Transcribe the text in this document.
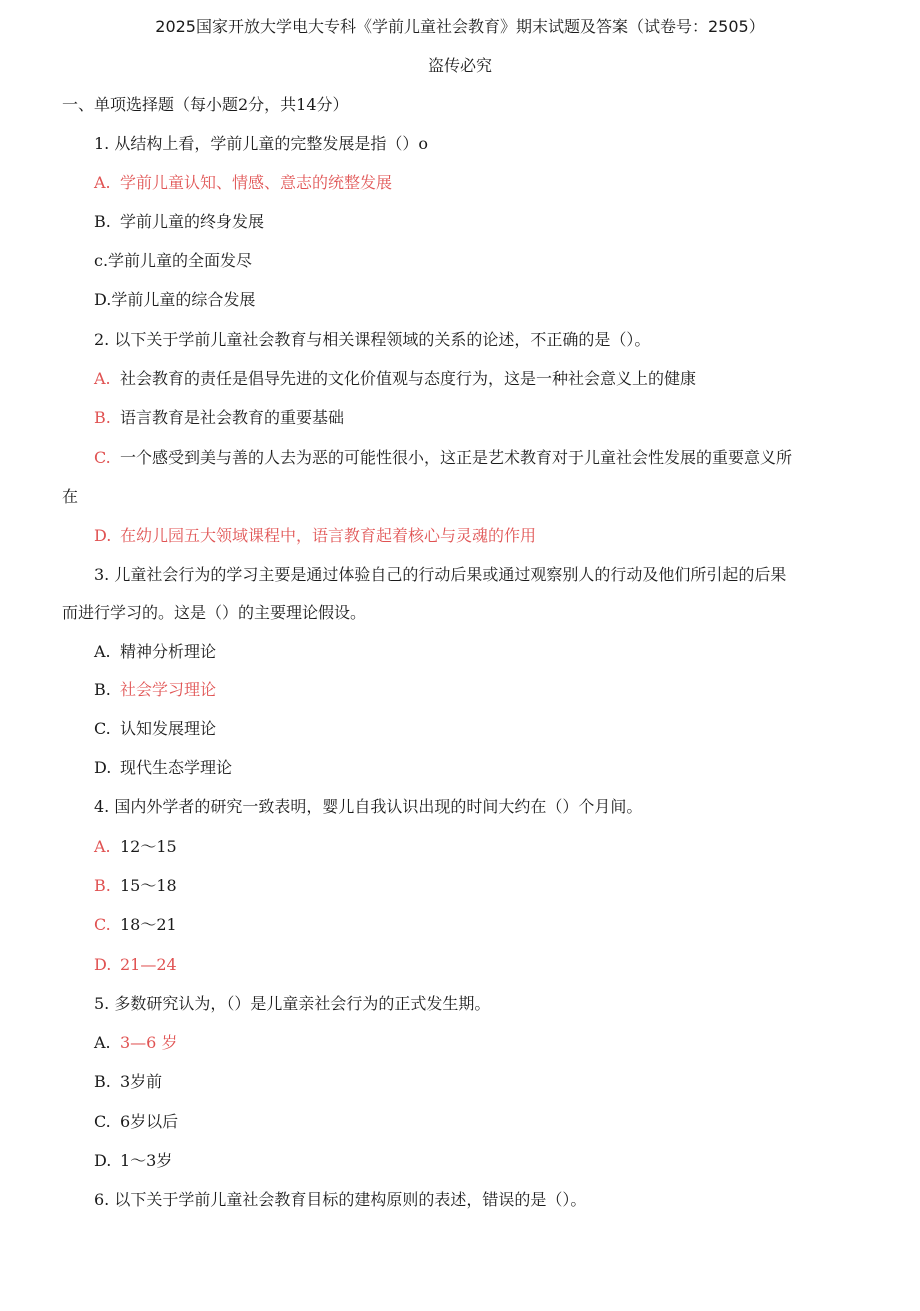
2025国家开放大学电大专科《学前儿童社会教育》期末试题及答案（试卷号：2505）
盗传必究
一、单项选择题（每小题2分，共14分）
1. 从结构上看，学前儿童的完整发展是指（）o
A. 学前儿童认知、情感、意志的统整发展
B. 学前儿童的终身发展
c.学前儿童的全面发尽
D.学前儿童的综合发展
2. 以下关于学前儿童社会教育与相关课程领域的关系的论述，不正确的是（）。
A. 社会教育的责任是倡导先进的文化价值观与态度行为，这是一种社会意义上的健康
B. 语言教育是社会教育的重要基础
C. 一个感受到美与善的人去为恶的可能性很小，这正是艺术教育对于儿童社会性发展的重要意义所
在
D. 在幼儿园五大领域课程中，语言教育起着核心与灵魂的作用
3. 儿童社会行为的学习主要是通过体验自己的行动后果或通过观察别人的行动及他们所引起的后果
而进行学习的。这是（）的主要理论假设。
A. 精神分析理论
B. 社会学习理论
C. 认知发展理论
D. 现代生态学理论
4. 国内外学者的研究一致表明，婴儿自我认识出现的时间大约在（）个月间。
A. 12〜15
B. 15〜18
C. 18〜21
D. 21—24
5. 多数研究认为，（）是儿童亲社会行为的正式发生期。
A. 3—6 岁
B. 3岁前
C. 6岁以后
D. 1〜3岁
6. 以下关于学前儿童社会教育目标的建构原则的表述，错误的是（）。
